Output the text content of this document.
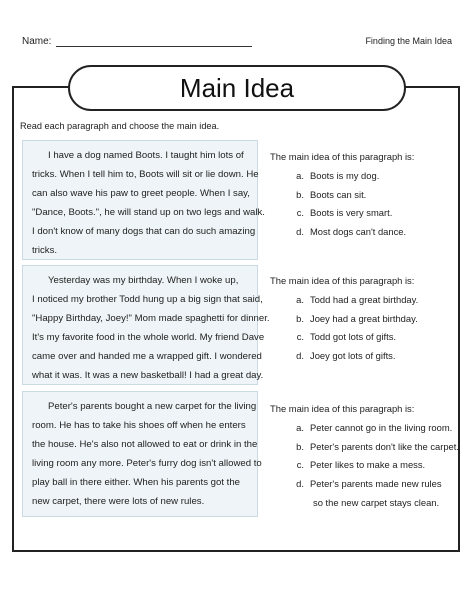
Name:	Finding the Main Idea
Main Idea
Read each paragraph and choose the main idea.
I have a dog named Boots. I taught him lots of
tricks. When I tell him to, Boots will sit or lie down. He
can also wave his paw to greet people. When I say,
"Dance, Boots.", he will stand up on two legs and walk.
I don't know of many dogs that can do such amazing
tricks.
The main idea of this paragraph is:
a. Boots is my dog.
b. Boots can sit.
c. Boots is very smart.
d. Most dogs can't dance.
Yesterday was my birthday. When I woke up,
I noticed my brother Todd hung up a big sign that said,
"Happy Birthday, Joey!" Mom made spaghetti for dinner.
It's my favorite food in the whole world. My friend Dave
came over and handed me a wrapped gift. I wondered
what it was. It was a new basketball! I had a great day.
The main idea of this paragraph is:
a. Todd had a great birthday.
b. Joey had a great birthday.
c. Todd got lots of gifts.
d. Joey got lots of gifts.
Peter's parents bought a new carpet for the living
room. He has to take his shoes off when he enters
the house. He's also not allowed to eat or drink in the
living room any more. Peter's furry dog isn't allowed to
play ball in there either. When his parents got the
new carpet, there were lots of new rules.
The main idea of this paragraph is:
a. Peter cannot go in the living room.
b. Peter's parents don't like the carpet.
c. Peter likes to make a mess.
d. Peter's parents made new rules
so the new carpet stays clean.
